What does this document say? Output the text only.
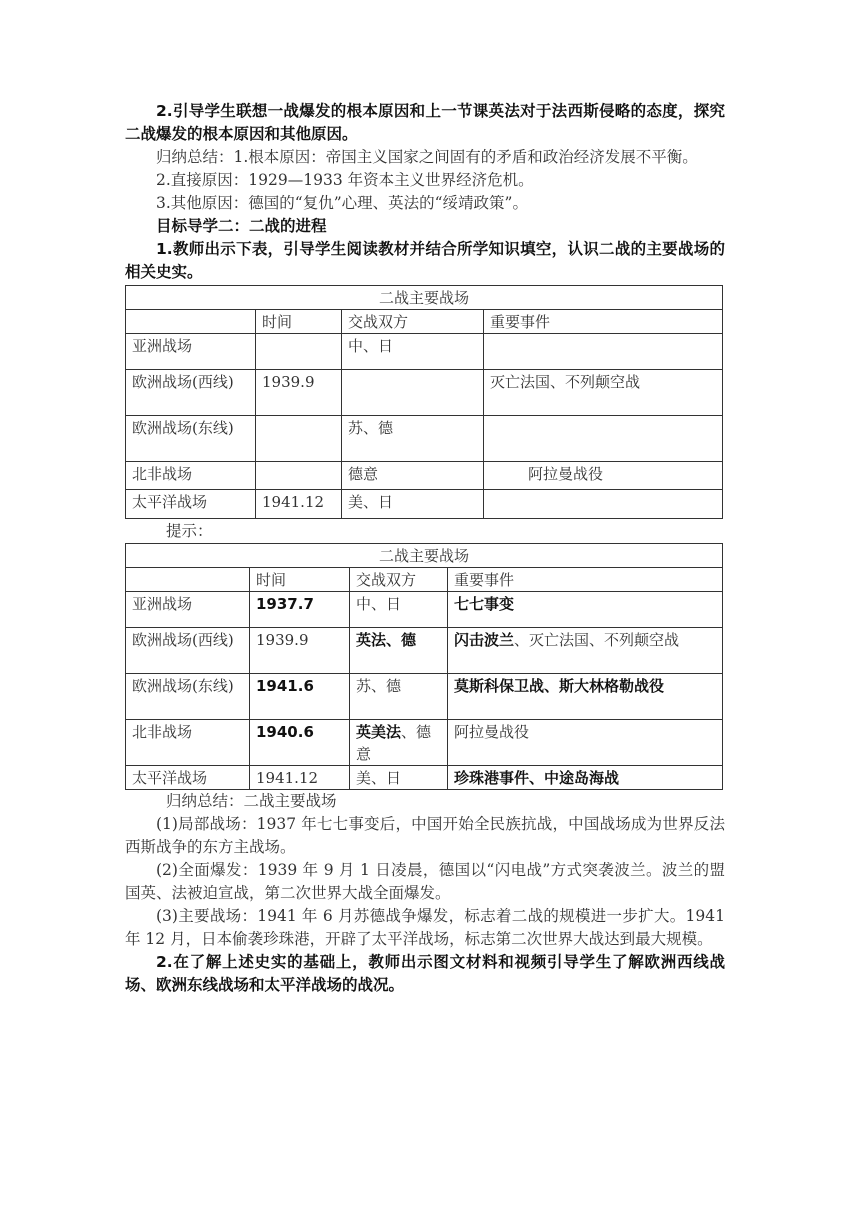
2.引导学生联想一战爆发的根本原因和上一节课英法对于法西斯侵略的态度，探究二战爆发的根本原因和其他原因。

归纳总结：1.根本原因：帝国主义国家之间固有的矛盾和政治经济发展不平衡。

2.直接原因：1929—1933 年资本主义世界经济危机。

3.其他原因：德国的“复仇”心理、英法的“绥靖政策”。

目标导学二：二战的进程

1.教师出示下表，引导学生阅读教材并结合所学知识填空，认识二战的主要战场的相关史实。

二战主要战场			
	时间	交战双方	重要事件
亚洲战场		中、日	
欧洲战场(西线)	1939.9		灭亡法国、不列颠空战
欧洲战场(东线)		苏、德	
北非战场		德意	阿拉曼战役
太平洋战场	1941.12	美、日	

提示：

二战主要战场			
	时间	交战双方	重要事件
亚洲战场	1937.7	中、日	七七事变
欧洲战场(西线)	1939.9	英法、德	闪击波兰、灭亡法国、不列颠空战
欧洲战场(东线)	1941.6	苏、德	莫斯科保卫战、斯大林格勒战役
北非战场	1940.6	英美法、德意	阿拉曼战役
太平洋战场	1941.12	美、日	珍珠港事件、中途岛海战

归纳总结：二战主要战场

(1)局部战场：1937 年七七事变后，中国开始全民族抗战，中国战场成为世界反法西斯战争的东方主战场。

(2)全面爆发：1939 年 9 月 1 日凌晨，德国以“闪电战”方式突袭波兰。波兰的盟国英、法被迫宣战，第二次世界大战全面爆发。

(3)主要战场：1941 年 6 月苏德战争爆发，标志着二战的规模进一步扩大。1941 年 12 月，日本偷袭珍珠港，开辟了太平洋战场，标志第二次世界大战达到最大规模。

2.在了解上述史实的基础上，教师出示图文材料和视频引导学生了解欧洲西线战场、欧洲东线战场和太平洋战场的战况。
